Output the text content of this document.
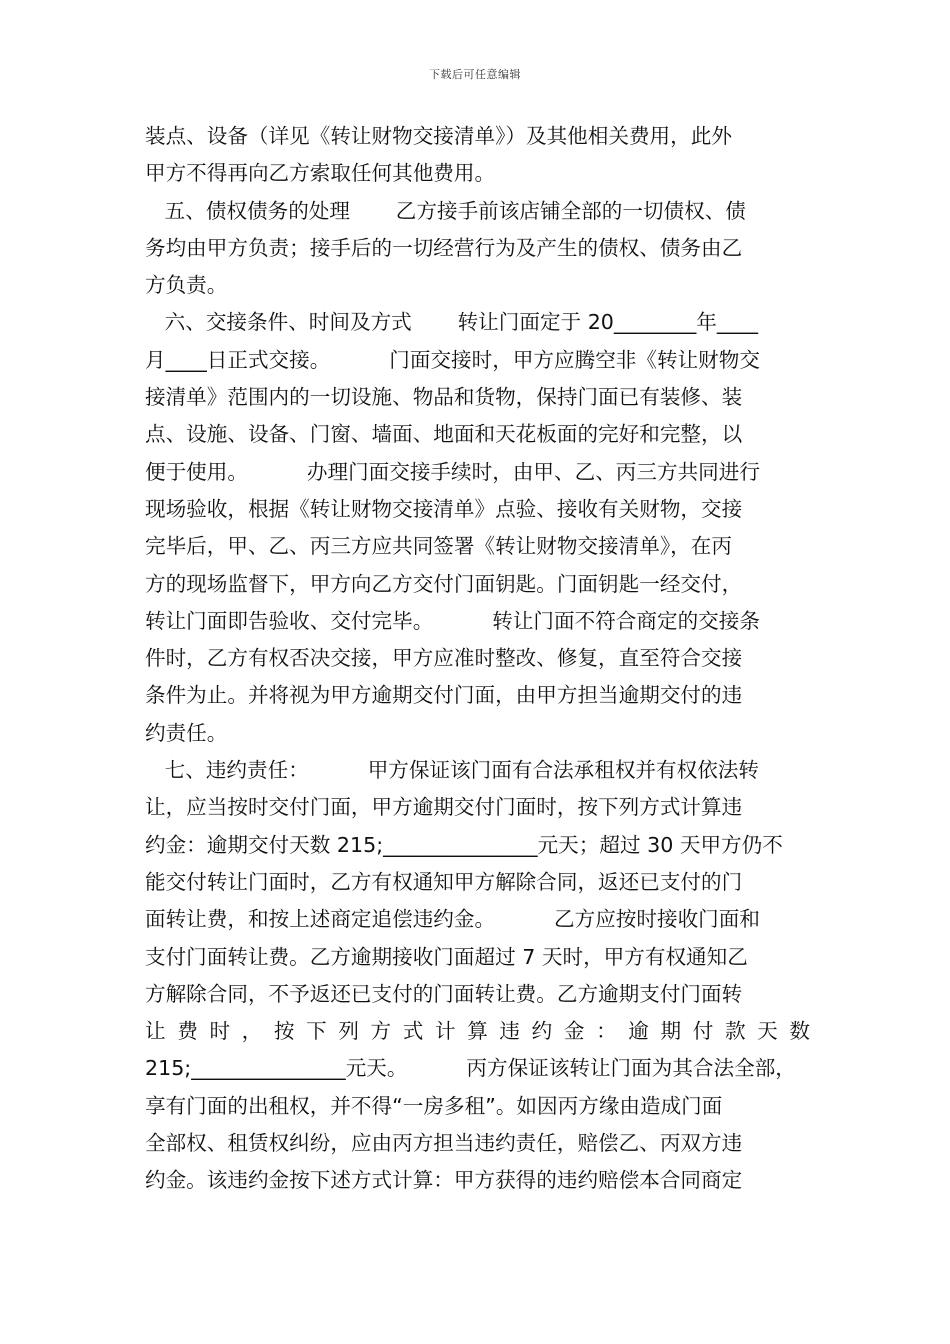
下载后可任意编辑
装点、设备（详见《转让财物交接清单》）及其他相关费用，此外
甲方不得再向乙方索取任何其他费用。
五、债权债务的处理       乙方接手前该店铺全部的一切债权、债
务均由甲方负责；接手后的一切经营行为及产生的债权、债务由乙
方负责。
六、交接条件、时间及方式       转让门面定于 20________年____
月____日正式交接。         门面交接时，甲方应腾空非《转让财物交
接清单》范围内的一切设施、物品和货物，保持门面已有装修、装
点、设施、设备、门窗、墙面、地面和天花板面的完好和完整，以
便于使用。         办理门面交接手续时，由甲、乙、丙三方共同进行
现场验收，根据《转让财物交接清单》点验、接收有关财物，交接
完毕后，甲、乙、丙三方应共同签署《转让财物交接清单》，在丙
方的现场监督下，甲方向乙方交付门面钥匙。门面钥匙一经交付，
转让门面即告验收、交付完毕。         转让门面不符合商定的交接条
件时，乙方有权否决交接，甲方应准时整改、修复，直至符合交接
条件为止。并将视为甲方逾期交付门面，由甲方担当逾期交付的违
约责任。
七、违约责任：         甲方保证该门面有合法承租权并有权依法转
让，应当按时交付门面，甲方逾期交付门面时，按下列方式计算违
约金：逾期交付天数 215;_______________元天；超过 30 天甲方仍不
能交付转让门面时，乙方有权通知甲方解除合同，返还已支付的门
面转让费，和按上述商定追偿违约金。         乙方应按时接收门面和
支付门面转让费。乙方逾期接收门面超过 7 天时，甲方有权通知乙
方解除合同，不予返还已支付的门面转让费。乙方逾期支付门面转
让 费 时 ， 按 下 列 方 式 计 算 违 约 金 ： 逾 期 付 款 天 数
215;_______________元天。         丙方保证该转让门面为其合法全部，
享有门面的出租权，并不得“一房多租”。如因丙方缘由造成门面
全部权、租赁权纠纷，应由丙方担当违约责任，赔偿乙、丙双方违
约金。该违约金按下述方式计算：甲方获得的违约赔偿本合同商定
